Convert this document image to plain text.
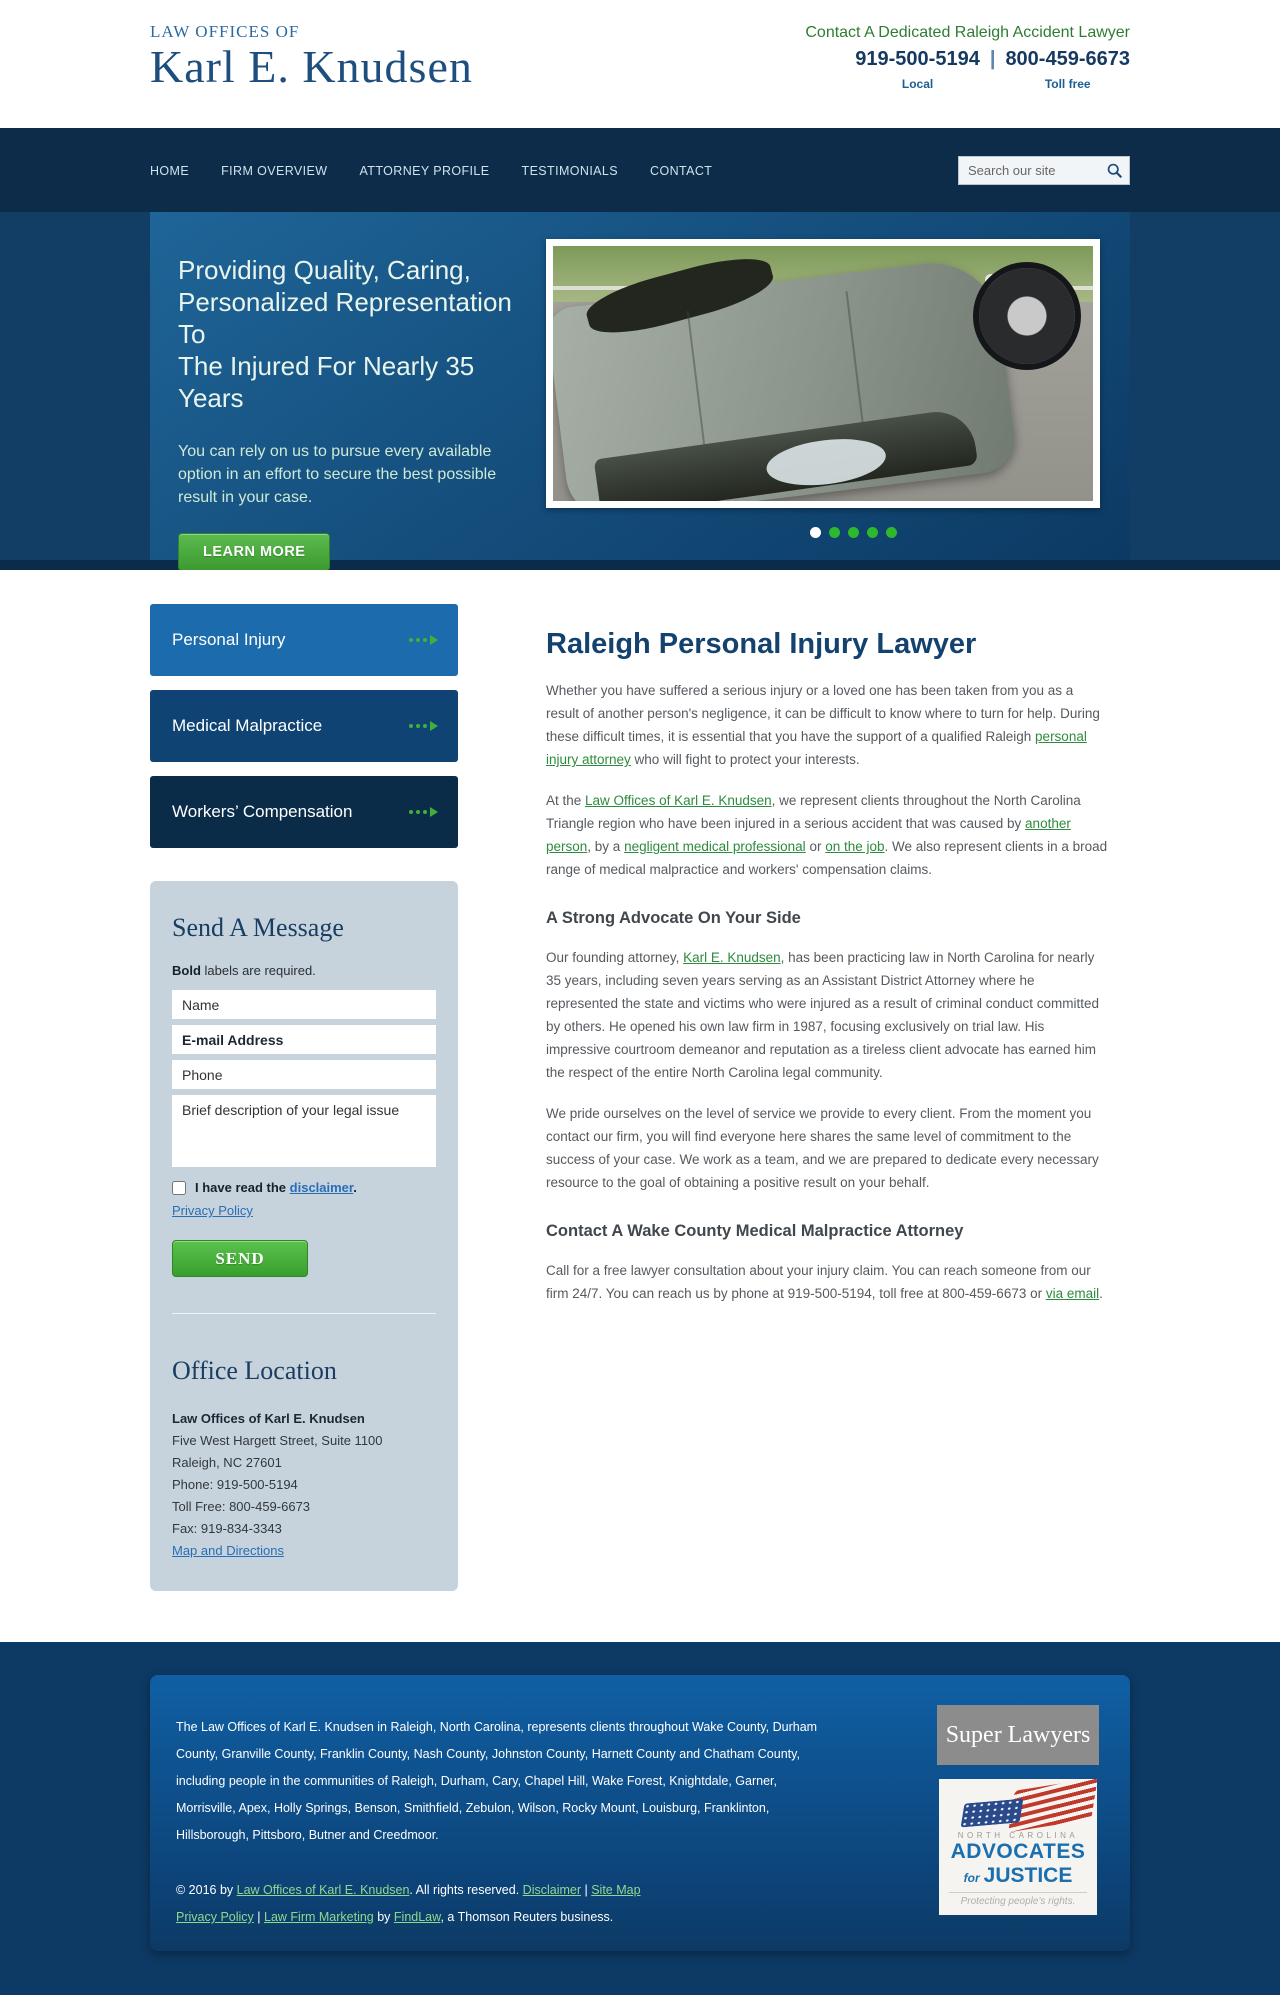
LAW OFFICES OF
Karl E. Knudsen
Contact A Dedicated Raleigh Accident Lawyer
919-500-5194
Local
| 800-459-6673
Toll free
HOME	FIRM OVERVIEW	ATTORNEY PROFILE	TESTIMONIALS	CONTACT
Search our site
Providing Quality, Caring,
Personalized Representation To
The Injured For Nearly 35 Years
You can rely on us to pursue every available option in an effort to secure the best possible result in your case.
LEARN MORE
Personal Injury
Medical Malpractice
Workers’ Compensation
Send A Message
Bold labels are required.
Name
E-mail Address
Phone
Brief description of your legal issue
I have read the disclaimer.
Privacy Policy
SEND
Office Location
Law Offices of Karl E. Knudsen
Five West Hargett Street, Suite 1100
Raleigh, NC 27601
Phone: 919-500-5194
Toll Free: 800-459-6673
Fax: 919-834-3343
Map and Directions
Raleigh Personal Injury Lawyer

Whether you have suffered a serious injury or a loved one has been taken from you as a result of another person's negligence, it can be difficult to know where to turn for help. During these difficult times, it is essential that you have the support of a qualified Raleigh personal injury attorney who will fight to protect your interests.

At the Law Offices of Karl E. Knudsen, we represent clients throughout the North Carolina Triangle region who have been injured in a serious accident that was caused by another person, by a negligent medical professional or on the job. We also represent clients in a broad range of medical malpractice and workers' compensation claims.

A Strong Advocate On Your Side

Our founding attorney, Karl E. Knudsen, has been practicing law in North Carolina for nearly 35 years, including seven years serving as an Assistant District Attorney where he represented the state and victims who were injured as a result of criminal conduct committed by others. He opened his own law firm in 1987, focusing exclusively on trial law. His impressive courtroom demeanor and reputation as a tireless client advocate has earned him the respect of the entire North Carolina legal community.

We pride ourselves on the level of service we provide to every client. From the moment you contact our firm, you will find everyone here shares the same level of commitment to the success of your case. We work as a team, and we are prepared to dedicate every necessary resource to the goal of obtaining a positive result on your behalf.

Contact A Wake County Medical Malpractice Attorney

Call for a free lawyer consultation about your injury claim. You can reach someone from our firm 24/7. You can reach us by phone at 919-500-5194, toll free at 800-459-6673 or via email.

The Law Offices of Karl E. Knudsen in Raleigh, North Carolina, represents clients throughout Wake County, Durham County, Granville County, Franklin County, Nash County, Johnston County, Harnett County and Chatham County, including people in the communities of Raleigh, Durham, Cary, Chapel Hill, Wake Forest, Knightdale, Garner, Morrisville, Apex, Holly Springs, Benson, Smithfield, Zebulon, Wilson, Rocky Mount, Louisburg, Franklinton, Hillsborough, Pittsboro, Butner and Creedmoor.
© 2016 by Law Offices of Karl E. Knudsen. All rights reserved. Disclaimer | Site Map
Privacy Policy | Law Firm Marketing by FindLaw, a Thomson Reuters business.
Super Lawyers
NORTH CAROLINA
ADVOCATES
for JUSTICE
Protecting people's rights.
